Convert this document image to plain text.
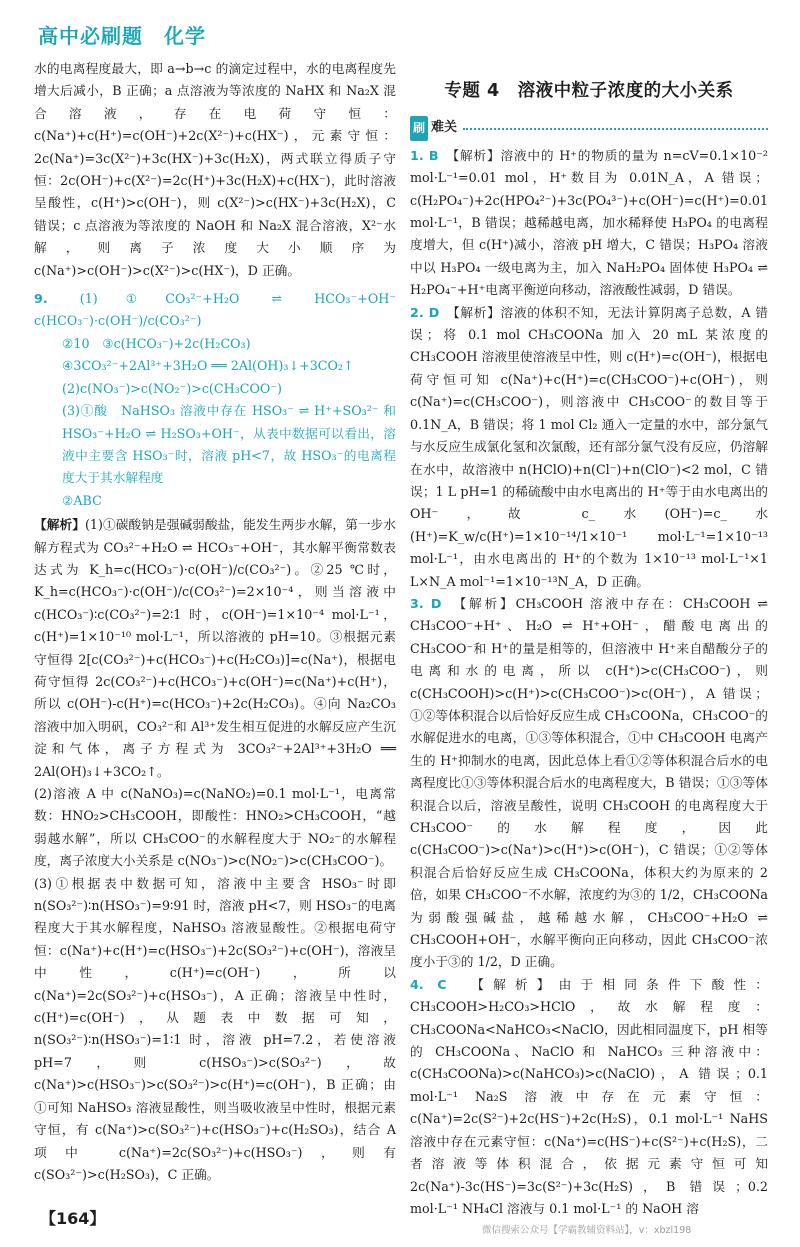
高中必刷题　化学

水的电离程度最大，即 a→b→c 的滴定过程中，水的电离程度先增大后减小，B 正确；a 点溶液为等浓度的 NaHX 和 Na₂X 混合溶液，存在电荷守恒：c(Na⁺)+c(H⁺)=c(OH⁻)+2c(X²⁻)+c(HX⁻)，元素守恒：2c(Na⁺)=3c(X²⁻)+3c(HX⁻)+3c(H₂X)，两式联立得质子守恒：2c(OH⁻)+c(X²⁻)=2c(H⁺)+3c(H₂X)+c(HX⁻)，此时溶液呈酸性，c(H⁺)>c(OH⁻)，则 c(X²⁻)>c(HX⁻)+3c(H₂X)，C 错误；c 点溶液为等浓度的 NaOH 和 Na₂X 混合溶液，X²⁻水解，则离子浓度大小顺序为 c(Na⁺)>c(OH⁻)>c(X²⁻)>c(HX⁻)，D 正确。

9.	(1)①CO₃²⁻+H₂O ⇌ HCO₃⁻+OH⁻　c(HCO₃⁻)·c(OH⁻)/c(CO₃²⁻)

②10　③c(HCO₃⁻)+2c(H₂CO₃)

④3CO₃²⁻+2Al³⁺+3H₂O ══ 2Al(OH)₃↓+3CO₂↑

(2)c(NO₃⁻)>c(NO₂⁻)>c(CH₃COO⁻)

(3)①酸　NaHSO₃ 溶液中存在 HSO₃⁻ ⇌ H⁺+SO₃²⁻ 和 HSO₃⁻+H₂O ⇌ H₂SO₃+OH⁻，从表中数据可以看出，溶液中主要含 HSO₃⁻时，溶液 pH<7，故 HSO₃⁻的电离程度大于其水解程度

②ABC

【解析】(1)①碳酸钠是强碱弱酸盐，能发生两步水解，第一步水解方程式为 CO₃²⁻+H₂O ⇌ HCO₃⁻+OH⁻，其水解平衡常数表达式为 K_h=c(HCO₃⁻)·c(OH⁻)/c(CO₃²⁻)。②25 ℃时，K_h=c(HCO₃⁻)·c(OH⁻)/c(CO₃²⁻)=2×10⁻⁴，则当溶液中 c(HCO₃⁻)∶c(CO₃²⁻)=2∶1 时，c(OH⁻)=1×10⁻⁴ mol·L⁻¹，c(H⁺)=1×10⁻¹⁰ mol·L⁻¹，所以溶液的 pH=10。③根据元素守恒得 2[c(CO₃²⁻)+c(HCO₃⁻)+c(H₂CO₃)]=c(Na⁺)，根据电荷守恒得 2c(CO₃²⁻)+c(HCO₃⁻)+c(OH⁻)=c(Na⁺)+c(H⁺)，所以 c(OH⁻)-c(H⁺)=c(HCO₃⁻)+2c(H₂CO₃)。④向 Na₂CO₃ 溶液中加入明矾，CO₃²⁻和 Al³⁺发生相互促进的水解反应产生沉淀和气体，离子方程式为 3CO₃²⁻+2Al³⁺+3H₂O ══ 2Al(OH)₃↓+3CO₂↑。

(2)溶液 A 中 c(NaNO₃)=c(NaNO₂)=0.1 mol·L⁻¹，电离常数：HNO₂>CH₃COOH，即酸性：HNO₂>CH₃COOH，“越弱越水解”，所以 CH₃COO⁻的水解程度大于 NO₂⁻的水解程度，离子浓度大小关系是 c(NO₃⁻)>c(NO₂⁻)>c(CH₃COO⁻)。

(3)①根据表中数据可知，溶液中主要含 HSO₃⁻时即 n(SO₃²⁻)∶n(HSO₃⁻)=9∶91 时，溶液 pH<7，则 HSO₃⁻的电离程度大于其水解程度，NaHSO₃ 溶液显酸性。②根据电荷守恒：c(Na⁺)+c(H⁺)=c(HSO₃⁻)+2c(SO₃²⁻)+c(OH⁻)，溶液呈中性，c(H⁺)=c(OH⁻)，所以 c(Na⁺)=2c(SO₃²⁻)+c(HSO₃⁻)，A 正确；溶液呈中性时，c(H⁺)=c(OH⁻)，从题表中数据可知，n(SO₃²⁻)∶n(HSO₃⁻)=1∶1 时，溶液 pH=7.2，若使溶液 pH=7，则 c(HSO₃⁻)>c(SO₃²⁻)，故 c(Na⁺)>c(HSO₃⁻)>c(SO₃²⁻)>c(H⁺)=c(OH⁻)，B 正确；由①可知 NaHSO₃ 溶液显酸性，则当吸收液呈中性时，根据元素守恒，有 c(Na⁺)>c(SO₃²⁻)+c(HSO₃⁻)+c(H₂SO₃)，结合 A 项中 c(Na⁺)=2c(SO₃²⁻)+c(HSO₃⁻)，则有 c(SO₃²⁻)>c(H₂SO₃)，C 正确。

专题 4　溶液中粒子浓度的大小关系
刷 难关

1. B　 【解析】溶液中的 H⁺的物质的量为 n=cV=0.1×10⁻² mol·L⁻¹=0.01 mol，H⁺数目为 0.01N_A，A 错误；c(H₂PO₄⁻)+2c(HPO₄²⁻)+3c(PO₄³⁻)+c(OH⁻)=c(H⁺)=0.01 mol·L⁻¹，B 错误；越稀越电离，加水稀释使 H₃PO₄ 的电离程度增大，但 c(H⁺)减小，溶液 pH 增大，C 错误；H₃PO₄ 溶液中以 H₃PO₄ 一级电离为主，加入 NaH₂PO₄ 固体使 H₃PO₄ ⇌ H₂PO₄⁻+H⁺电离平衡逆向移动，溶液酸性减弱，D 错误。

2. D　 【解析】溶液的体积不知，无法计算阴离子总数，A 错误；将 0.1 mol CH₃COONa 加入 20 mL 某浓度的 CH₃COOH 溶液里使溶液呈中性，则 c(H⁺)=c(OH⁻)，根据电荷守恒可知 c(Na⁺)+c(H⁺)=c(CH₃COO⁻)+c(OH⁻)，则 c(Na⁺)=c(CH₃COO⁻)，则溶液中 CH₃COO⁻的数目等于 0.1N_A，B 错误；将 1 mol Cl₂ 通入一定量的水中，部分氯气与水反应生成氯化氢和次氯酸，还有部分氯气没有反应，仍溶解在水中，故溶液中 n(HClO)+n(Cl⁻)+n(ClO⁻)<2 mol，C 错误；1 L pH=1 的稀硫酸中由水电离出的 H⁺等于由水电离出的 OH⁻，故 c_水(OH⁻)=c_水(H⁺)=K_w/c(H⁺)=1×10⁻¹⁴/1×10⁻¹ mol·L⁻¹=1×10⁻¹³ mol·L⁻¹，由水电离出的 H⁺的个数为 1×10⁻¹³ mol·L⁻¹×1 L×N_A mol⁻¹=1×10⁻¹³N_A，D 正确。

3. D　 【解析】CH₃COOH 溶液中存在：CH₃COOH ⇌ CH₃COO⁻+H⁺、H₂O ⇌ H⁺+OH⁻，醋酸电离出的 CH₃COO⁻和 H⁺的量是相等的，但溶液中 H⁺来自醋酸分子的电离和水的电离，所以 c(H⁺)>c(CH₃COO⁻)，则 c(CH₃COOH)>c(H⁺)>c(CH₃COO⁻)>c(OH⁻)，A 错误；①②等体积混合以后恰好反应生成 CH₃COONa，CH₃COO⁻的水解促进水的电离，①③等体积混合，①中 CH₃COOH 电离产生的 H⁺抑制水的电离，因此总体上看①②等体积混合后水的电离程度比①③等体积混合后水的电离程度大，B 错误；①③等体积混合以后，溶液呈酸性，说明 CH₃COOH 的电离程度大于 CH₃COO⁻的水解程度，因此 c(CH₃COO⁻)>c(Na⁺)>c(H⁺)>c(OH⁻)，C 错误；①②等体积混合后恰好反应生成 CH₃COONa，体积大约为原来的 2 倍，如果 CH₃COO⁻不水解，浓度约为③的 1/2，CH₃COONa 为弱酸强碱盐，越稀越水解，CH₃COO⁻+H₂O ⇌ CH₃COOH+OH⁻，水解平衡向正向移动，因此 CH₃COO⁻浓度小于③的 1/2，D 正确。

4. C　 【解析】由于相同条件下酸性：CH₃COOH>H₂CO₃>HClO，故水解程度：CH₃COONa<NaHCO₃<NaClO，因此相同温度下，pH 相等的 CH₃COONa、NaClO 和 NaHCO₃ 三种溶液中：c(CH₃COONa)>c(NaHCO₃)>c(NaClO)，A 错误；0.1 mol·L⁻¹ Na₂S 溶液中存在元素守恒：c(Na⁺)=2c(S²⁻)+2c(HS⁻)+2c(H₂S)，0.1 mol·L⁻¹ NaHS 溶液中存在元素守恒：c(Na⁺)=c(HS⁻)+c(S²⁻)+c(H₂S)，二者溶液等体积混合，依据元素守恒可知 2c(Na⁺)-3c(HS⁻)=3c(S²⁻)+3c(H₂S)，B 错误；0.2 mol·L⁻¹ NH₄Cl 溶液与 0.1 mol·L⁻¹ 的 NaOH 溶

【164】
微信搜索公众号【学霸教辅资料站】，v：xbzl198
